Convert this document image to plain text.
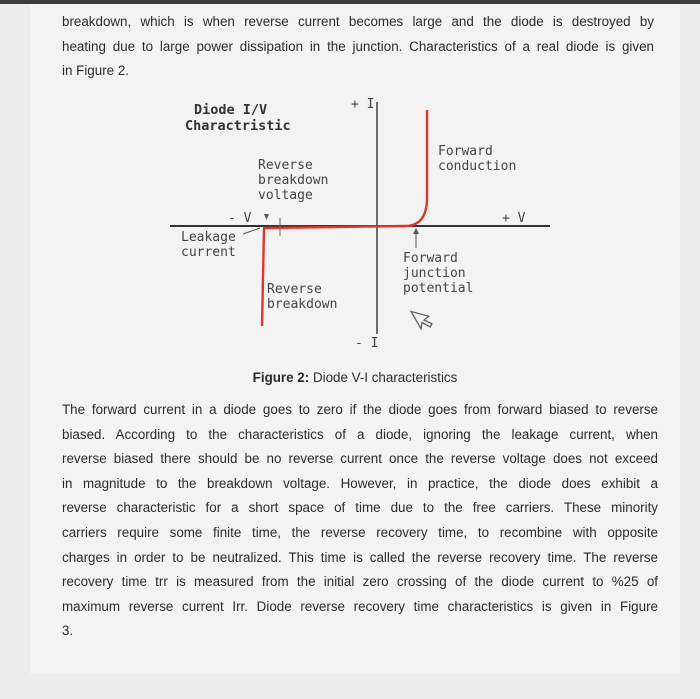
breakdown, which is when reverse current becomes large and the diode is destroyed by
heating due to large power dissipation in the junction. Characteristics of a real diode is given
in Figure 2.

Diode I/V
Charactristic
+ I
- I
- V	+ V
Forward
conduction
Reverse
breakdown
voltage
Leakage
current
Reverse
breakdown
Forward
junction
potential
Figure 2: Diode V-I characteristics

The forward current in a diode goes to zero if the diode goes from forward biased to reverse
biased. According to the characteristics of a diode, ignoring the leakage current, when
reverse biased there should be no reverse current once the reverse voltage does not exceed
in magnitude to the breakdown voltage. However, in practice, the diode does exhibit a
reverse characteristic for a short space of time due to the free carriers. These minority
carriers require some finite time, the reverse recovery time, to recombine with opposite
charges in order to be neutralized. This time is called the reverse recovery time. The reverse
recovery time trr is measured from the initial zero crossing of the diode current to %25 of
maximum reverse current Irr. Diode reverse recovery time characteristics is given in Figure
3.
